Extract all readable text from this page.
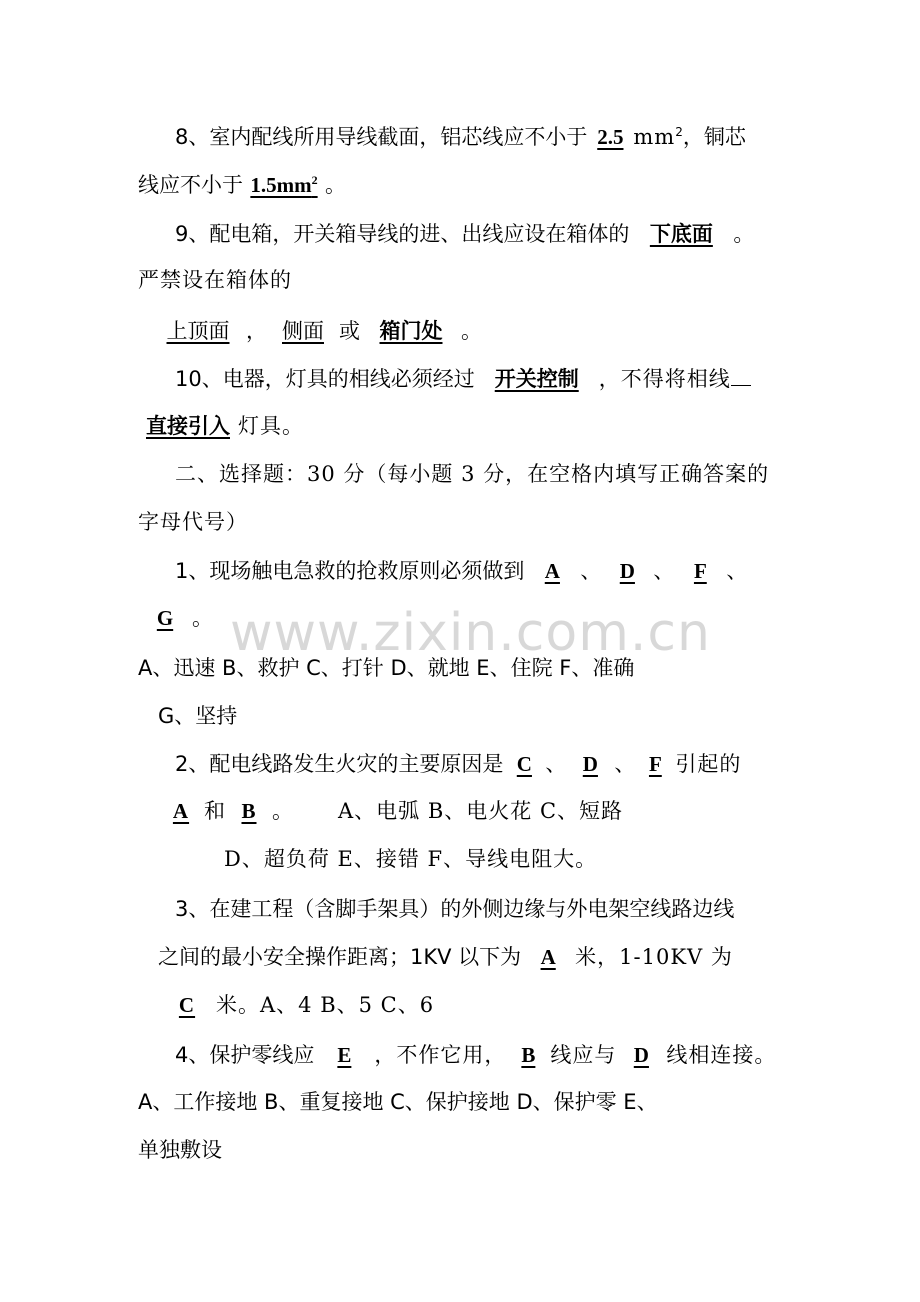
8、室内配线所用导线截面，铝芯线应不小于 2.5 $mm^2$，铜芯
线应不小于 $1.5mm^2$ 。
9、配电箱，开关箱导线的进、出线应设在箱体的 下底面 。
严禁设在箱体的
上顶面 ， 侧面 或 箱门处 。
10、电器，灯具的相线必须经过 开关控制 ，不得将相线
直接引入 灯具。
二、选择题：30 分（每小题 3 分，在空格内填写正确答案的
字母代号）
1、现场触电急救的抢救原则必须做到 A 、 D 、 F 、
G 。
A、迅速 B、救护 C、打针 D、就地 E、住院 F、准确
G、坚持
2、配电线路发生火灾的主要原因是 C 、 D 、 F 引起的
A 和 B 。 A、电弧 B、电火花 C、短路
D、超负荷 E、接错 F、导线电阻大。
3、在建工程（含脚手架具）的外侧边缘与外电架空线路边线
之间的最小安全操作距离；1KV 以下为 A 米，1-10KV 为
C 米。A、4 B、5 C、6
4、保护零线应 E ，不作它用， B 线应与 D 线相连接。
A、工作接地 B、重复接地 C、保护接地 D、保护零 E、
单独敷设
www.zixin.com.cn
